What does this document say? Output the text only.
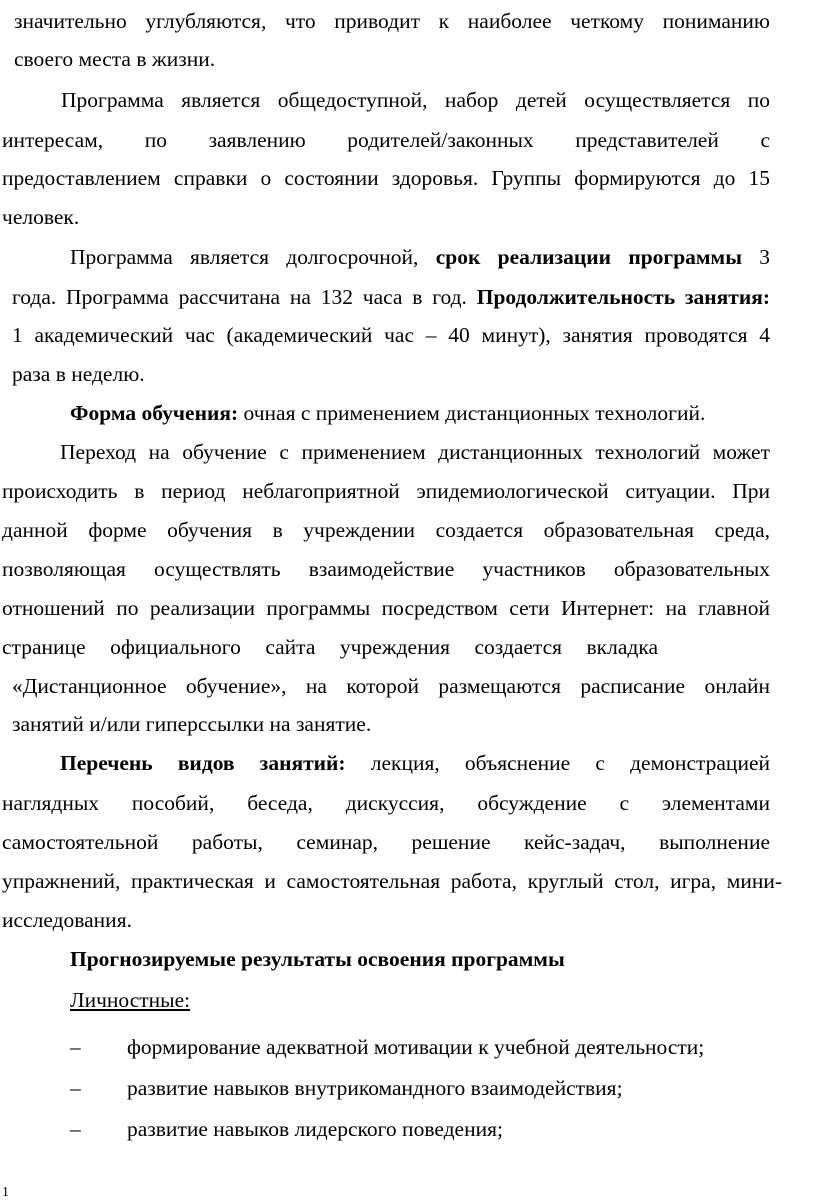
значительно углубляются, что приводит к наиболее четкому пониманию
своего места в жизни.
Программа является общедоступной, набор детей осуществляется по
интересам, по заявлению родителей/законных представителей с
предоставлением справки о состоянии здоровья. Группы формируются до 15
человек.
Программа является долгосрочной, срок реализации программы 3
года. Программа рассчитана на 132 часа в год. Продолжительность занятия:
1 академический час (академический час – 40 минут), занятия проводятся 4
раза в неделю.
Форма обучения: очная с применением дистанционных технологий.
Переход на обучение с применением дистанционных технологий может
происходить в период неблагоприятной эпидемиологической ситуации. При
данной форме обучения в учреждении создается образовательная среда,
позволяющая осуществлять взаимодействие участников образовательных
отношений по реализации программы посредством сети Интернет: на главной
странице официального сайта учреждения создается вкладка
«Дистанционное обучение», на которой размещаются расписание онлайн
занятий и/или гиперссылки на занятие.
Перечень видов занятий: лекция, объяснение с демонстрацией
наглядных пособий, беседа, дискуссия, обсуждение с элементами
самостоятельной работы, семинар, решение кейс-задач, выполнение
упражнений, практическая и самостоятельная работа, круглый стол, игра, мини-
исследования.
Прогнозируемые результаты освоения программы
Личностные:
– формирование адекватной мотивации к учебной деятельности;
– развитие навыков внутрикомандного взаимодействия;
– развитие навыков лидерского поведения;
1
